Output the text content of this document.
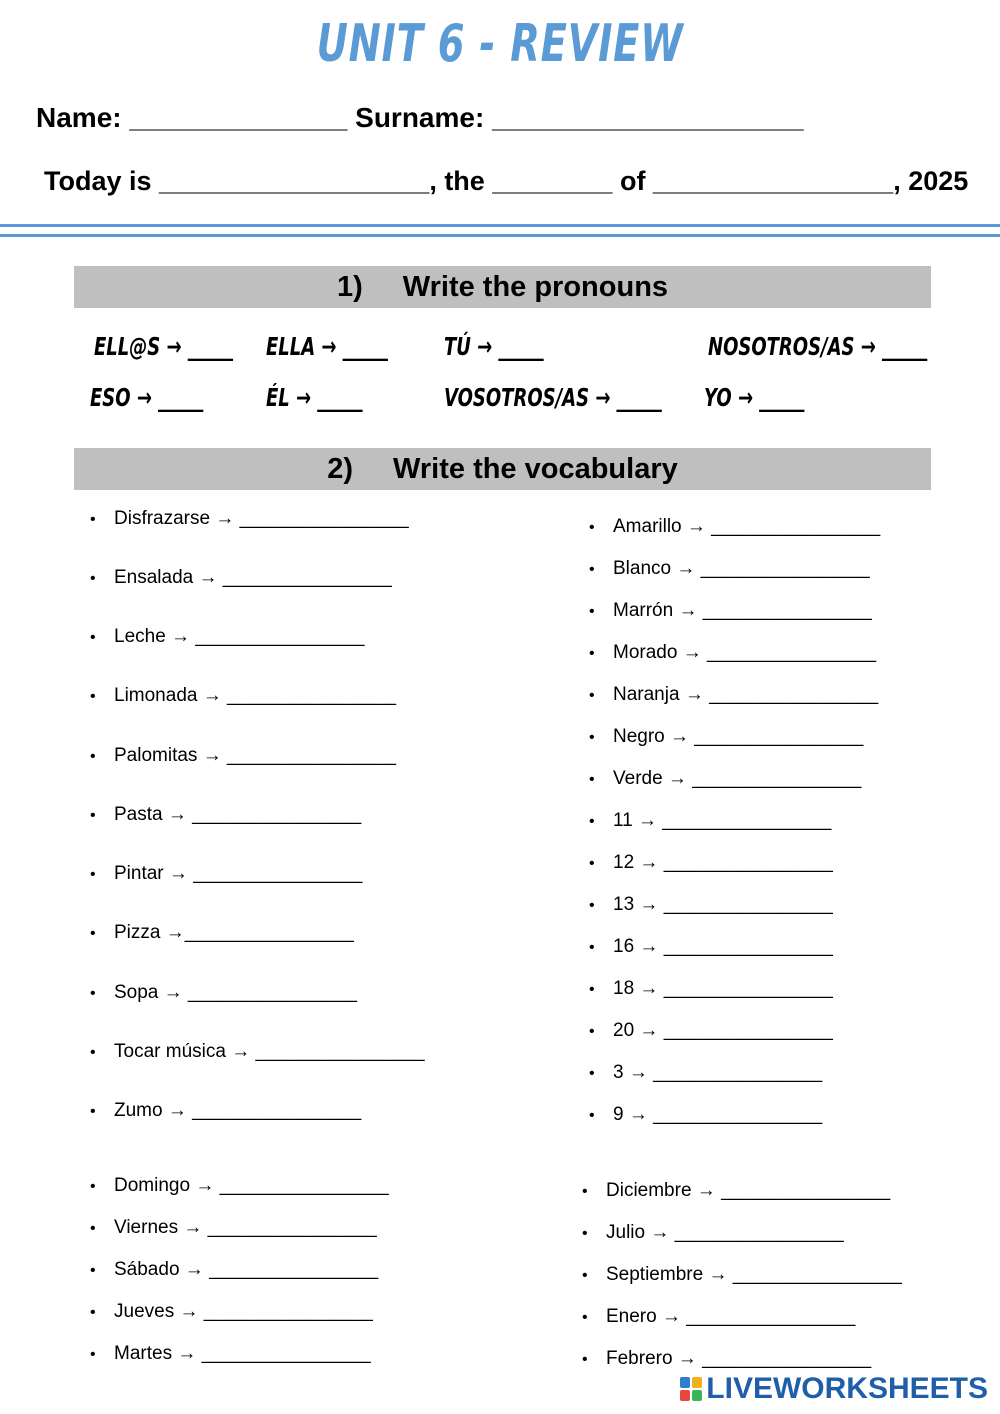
UNIT 6 - REVIEW
Name: ______________ Surname: ____________________
Today is __________________, the ________ of ________________, 2025
1) Write the pronouns
ELL@S → _____ ELLA → _____ TÚ → _____	NOSOTROS/AS → _____
ESO → _____	ÉL → _____	VOSOTROS/AS → _____ YO → _____
2) Write the vocabulary
• Disfrazarse → ________________
• Ensalada → ________________
• Leche → ________________
• Limonada → ________________
• Palomitas → ________________
• Pasta → ________________
• Pintar → ________________
• Pizza →________________
• Sopa → ________________
• Tocar música → ________________
• Zumo → ________________
• Amarillo → ________________
• Blanco → ________________
• Marrón → ________________
• Morado → ________________
• Naranja → ________________
• Negro → ________________
• Verde → ________________
• 11 → ________________
• 12 → ________________
• 13 → ________________
• 16 → ________________
• 18 → ________________
• 20 → ________________
• 3 → ________________
• 9 → ________________
• Domingo → ________________
• Viernes → ________________
• Sábado → ________________
• Jueves → ________________
• Martes → ________________
• Diciembre → ________________
• Julio → ________________
• Septiembre → ________________
• Enero → ________________
• Febrero → ________________
LIVEWORKSHEETS
